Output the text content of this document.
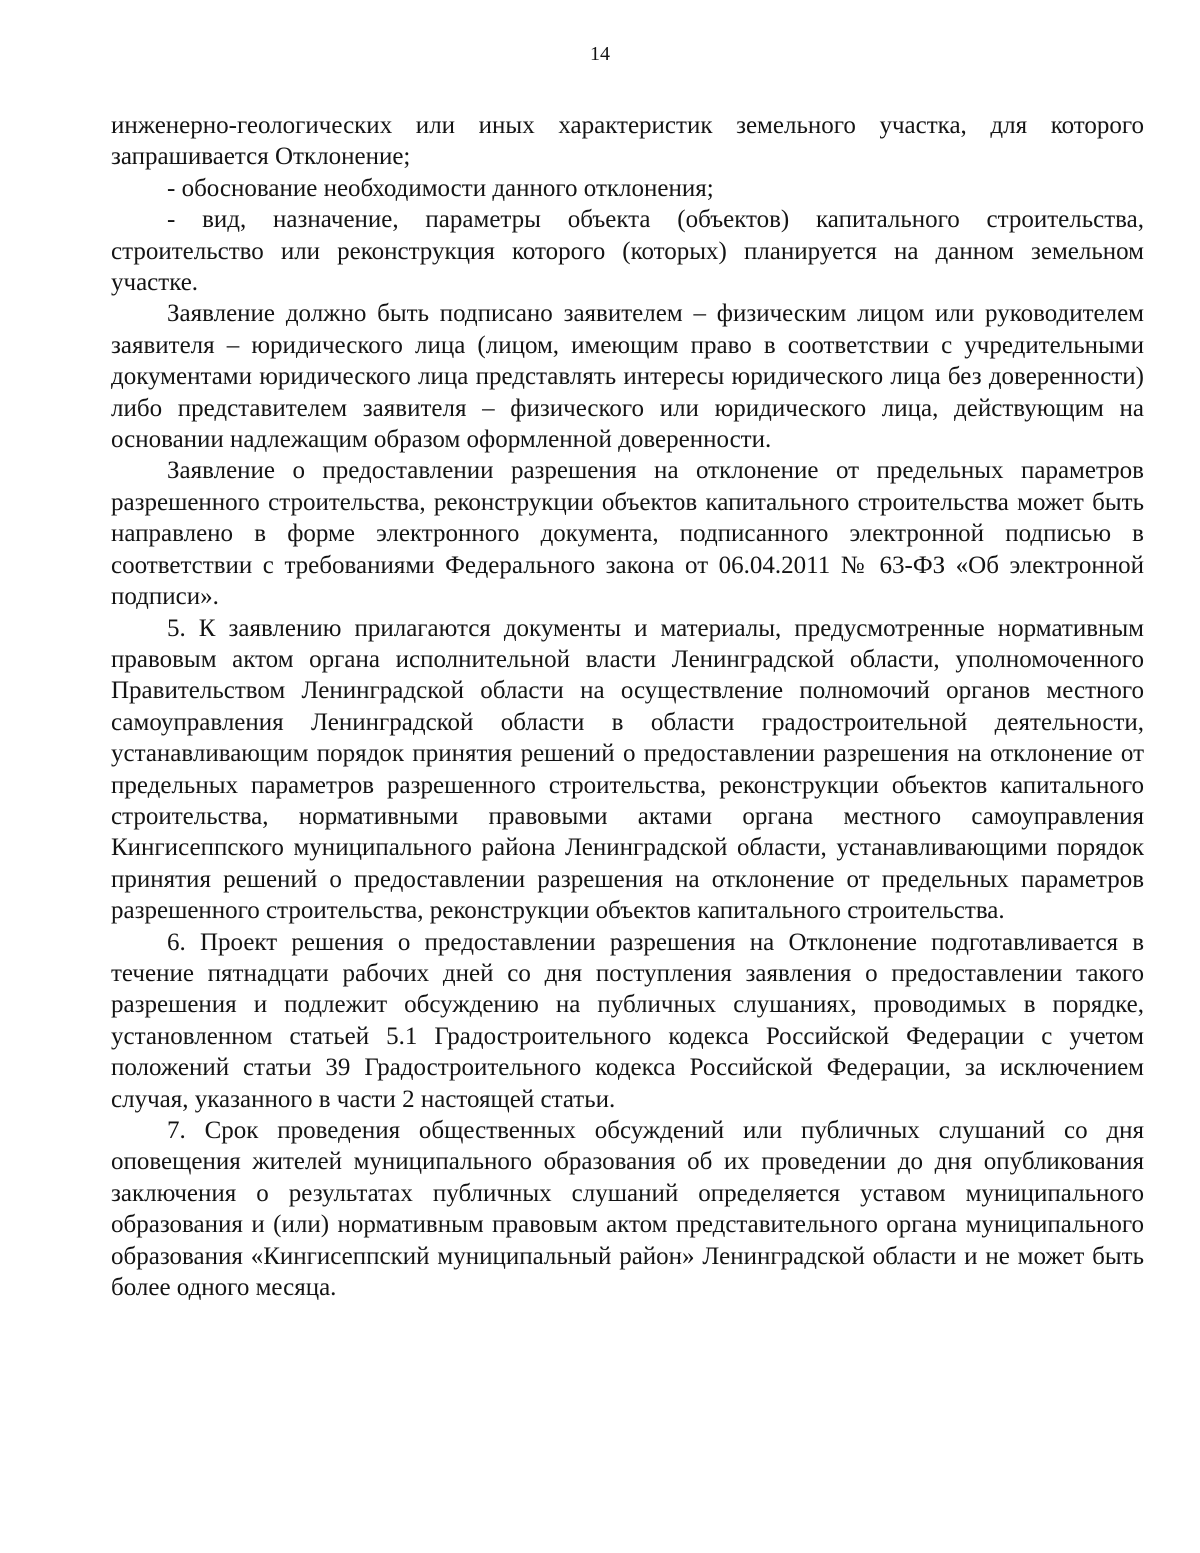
14

инженерно-геологических или иных характеристик земельного участка, для которого запрашивается Отклонение;

- обоснование необходимости данного отклонения;

- вид, назначение, параметры объекта (объектов) капитального строительства, строительство или реконструкция которого (которых) планируется на данном земельном участке.

Заявление должно быть подписано заявителем – физическим лицом или руководителем заявителя – юридического лица (лицом, имеющим право в соответствии с учредительными документами юридического лица представлять интересы юридического лица без доверенности) либо представителем заявителя – физического или юридического лица, действующим на основании надлежащим образом оформленной доверенности.

Заявление о предоставлении разрешения на отклонение от предельных параметров разрешенного строительства, реконструкции объектов капитального строительства может быть направлено в форме электронного документа, подписанного электронной подписью в соответствии с требованиями Федерального закона от 06.04.2011 № 63-ФЗ «Об электронной подписи».

5. К заявлению прилагаются документы и материалы, предусмотренные нормативным правовым актом органа исполнительной власти Ленинградской области, уполномоченного Правительством Ленинградской области на осуществление полномочий органов местного самоуправления Ленинградской области в области градостроительной деятельности, устанавливающим порядок принятия решений о предоставлении разрешения на отклонение от предельных параметров разрешенного строительства, реконструкции объектов капитального строительства, нормативными правовыми актами органа местного самоуправления Кингисеппского муниципального района Ленинградской области, устанавливающими порядок принятия решений о предоставлении разрешения на отклонение от предельных параметров разрешенного строительства, реконструкции объектов капитального строительства.

6. Проект решения о предоставлении разрешения на Отклонение подготавливается в течение пятнадцати рабочих дней со дня поступления заявления о предоставлении такого разрешения и подлежит обсуждению на публичных слушаниях, проводимых в порядке, установленном статьей 5.1 Градостроительного кодекса Российской Федерации с учетом положений статьи 39 Градостроительного кодекса Российской Федерации, за исключением случая, указанного в части 2 настоящей статьи.

7. Срок проведения общественных обсуждений или публичных слушаний со дня оповещения жителей муниципального образования об их проведении до дня опубликования заключения о результатах публичных слушаний определяется уставом муниципального образования и (или) нормативным правовым актом представительного органа муниципального образования «Кингисеппский муниципальный район» Ленинградской области и не может быть более одного месяца.
